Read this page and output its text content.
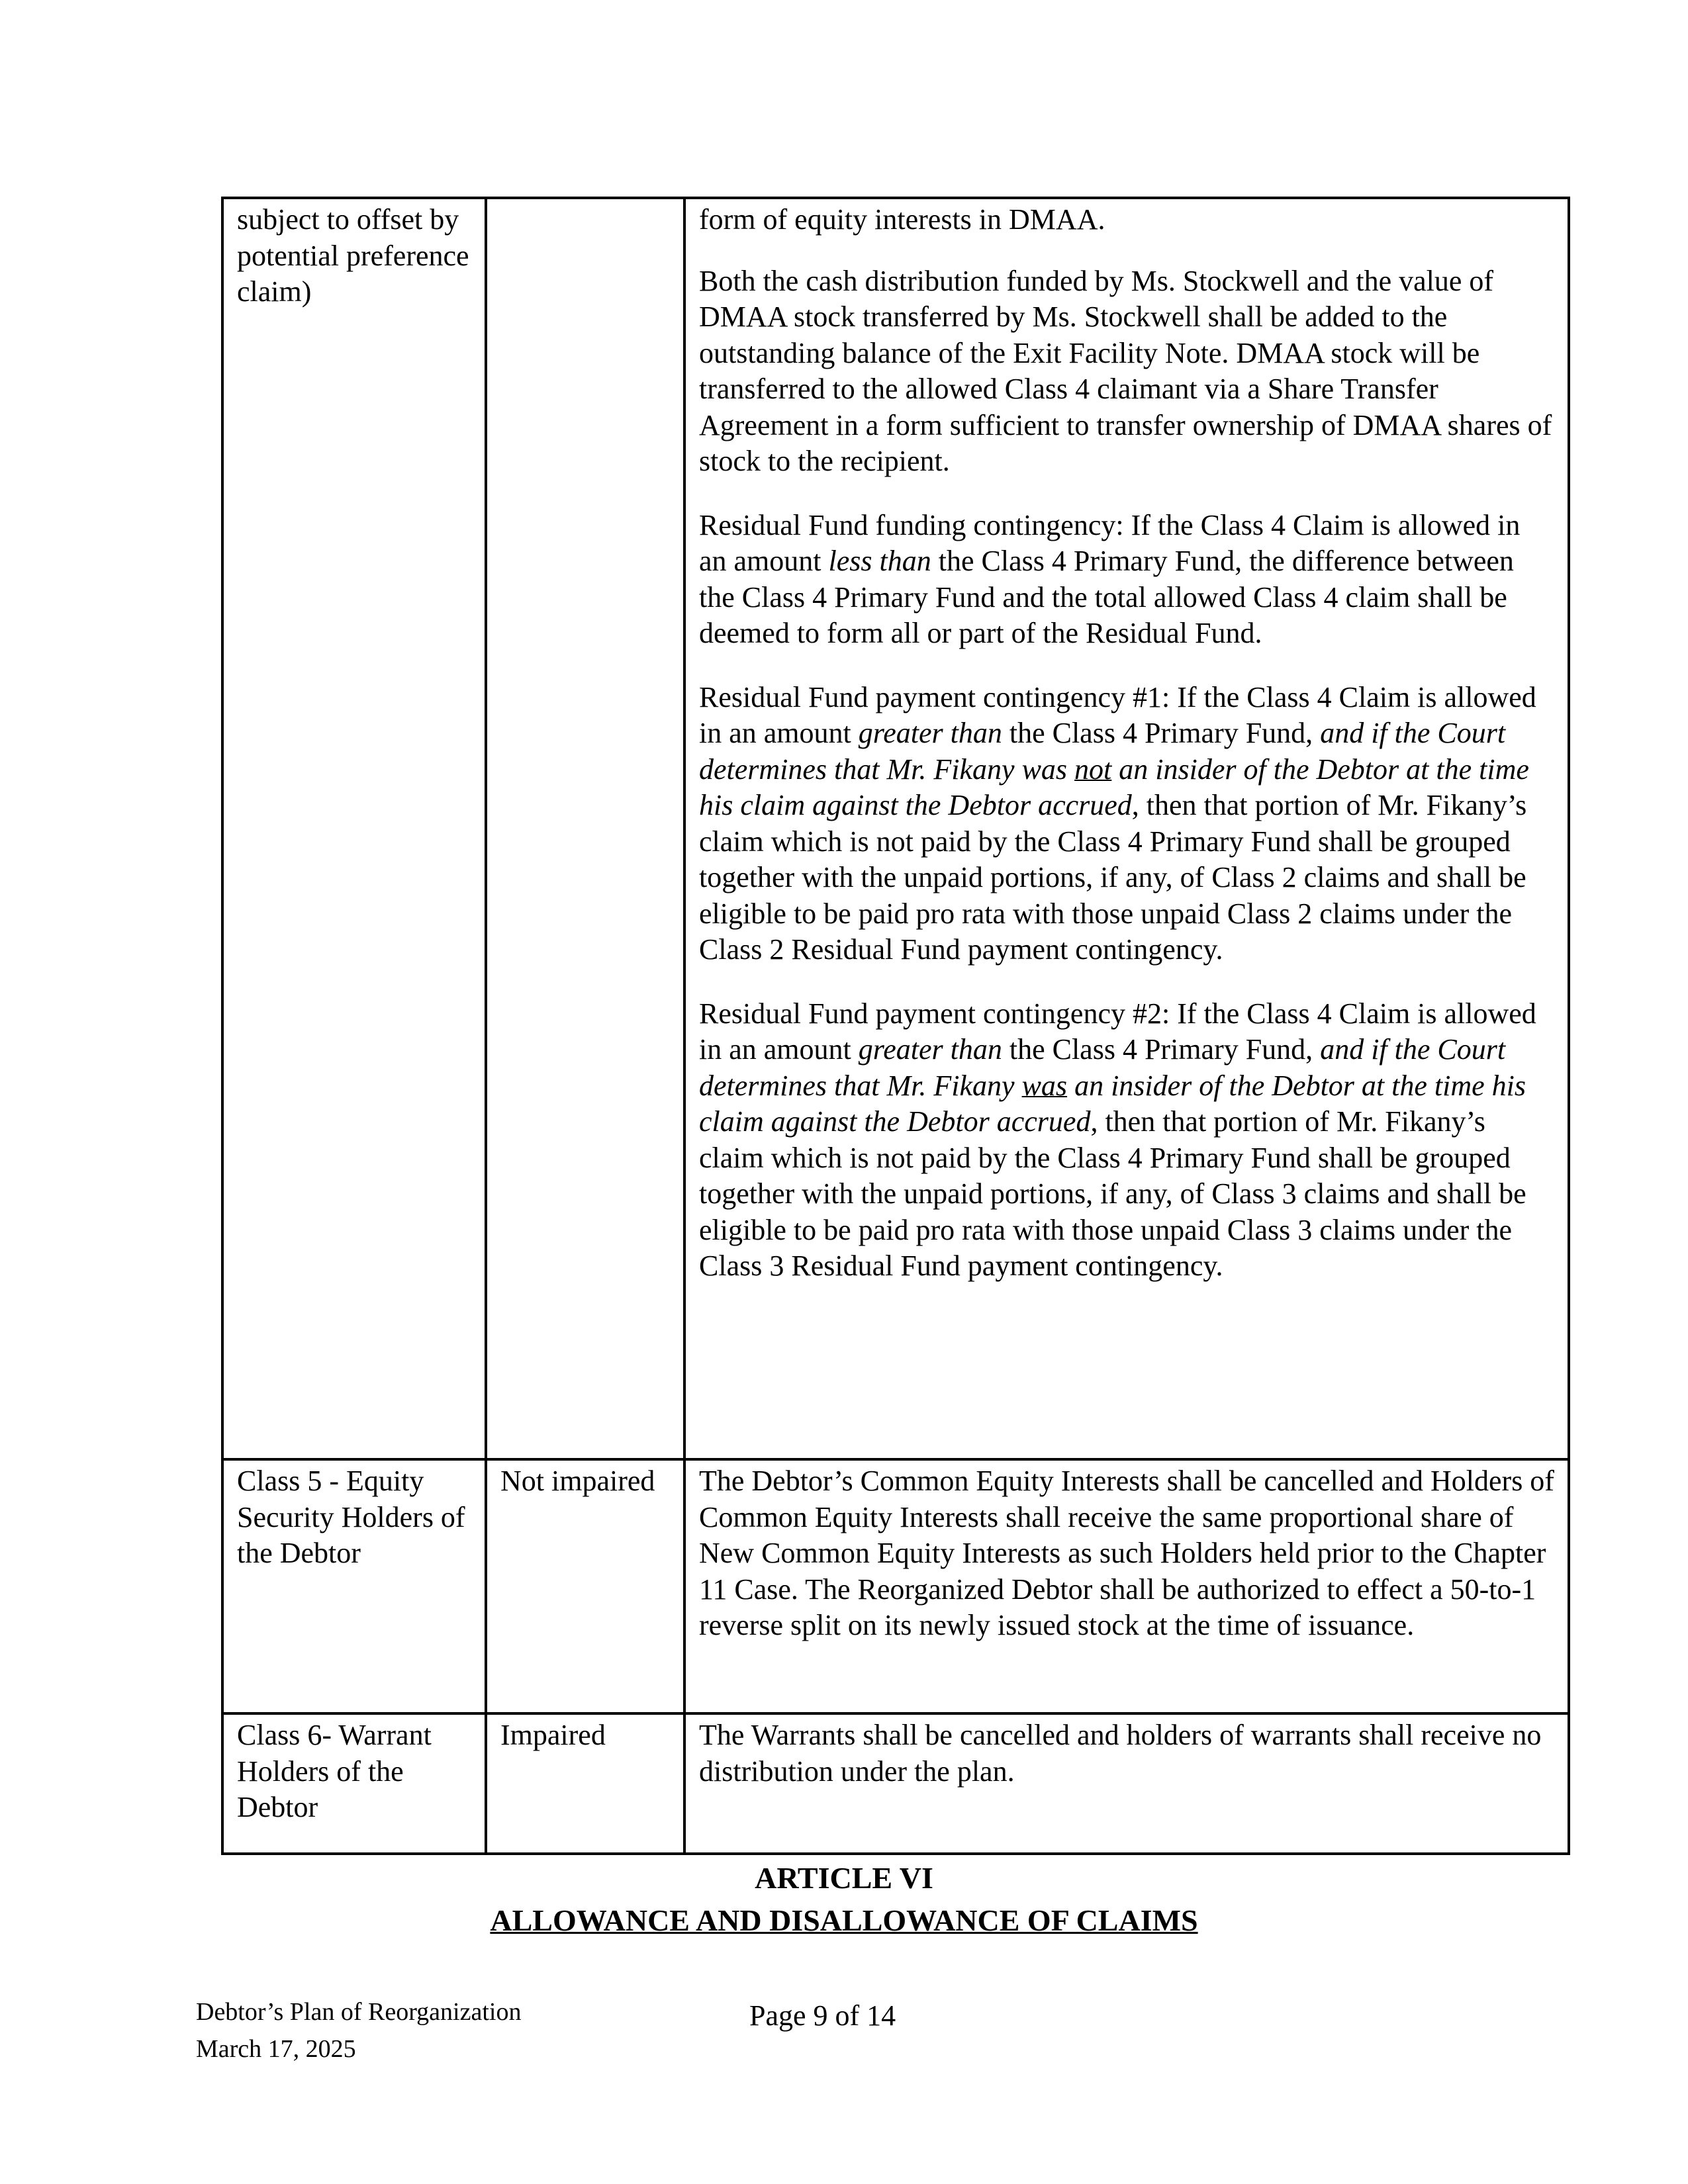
subject to offset by potential preference claim)		form of equity interests in DMAA.

Both the cash distribution funded by Ms. Stockwell and the value of DMAA stock transferred by Ms. Stockwell shall be added to the outstanding balance of the Exit Facility Note. DMAA stock will be transferred to the allowed Class 4 claimant via a Share Transfer Agreement in a form sufficient to transfer ownership of DMAA shares of stock to the recipient.

Residual Fund funding contingency: If the Class 4 Claim is allowed in an amount less than the Class 4 Primary Fund, the difference between the Class 4 Primary Fund and the total allowed Class 4 claim shall be deemed to form all or part of the Residual Fund.

Residual Fund payment contingency #1: If the Class 4 Claim is allowed in an amount greater than the Class 4 Primary Fund, and if the Court determines that Mr. Fikany was not an insider of the Debtor at the time his claim against the Debtor accrued, then that portion of Mr. Fikany’s claim which is not paid by the Class 4 Primary Fund shall be grouped together with the unpaid portions, if any, of Class 2 claims and shall be eligible to be paid pro rata with those unpaid Class 2 claims under the Class 2 Residual Fund payment contingency.

Residual Fund payment contingency #2: If the Class 4 Claim is allowed in an amount greater than the Class 4 Primary Fund, and if the Court determines that Mr. Fikany was an insider of the Debtor at the time his claim against the Debtor accrued, then that portion of Mr. Fikany’s claim which is not paid by the Class 4 Primary Fund shall be grouped together with the unpaid portions, if any, of Class 3 claims and shall be eligible to be paid pro rata with those unpaid Class 3 claims under the Class 3 Residual Fund payment contingency.

Class 5 - Equity Security Holders of the Debtor	Not impaired	The Debtor’s Common Equity Interests shall be cancelled and Holders of Common Equity Interests shall receive the same proportional share of New Common Equity Interests as such Holders held prior to the Chapter 11 Case. The Reorganized Debtor shall be authorized to effect a 50-to-1 reverse split on its newly issued stock at the time of issuance.

Class 6- Warrant Holders of the Debtor	Impaired	The Warrants shall be cancelled and holders of warrants shall receive no distribution under the plan.

ARTICLE VI
ALLOWANCE AND DISALLOWANCE OF CLAIMS
Debtor’s Plan of Reorganization
March 17, 2025
Page 9 of 14
